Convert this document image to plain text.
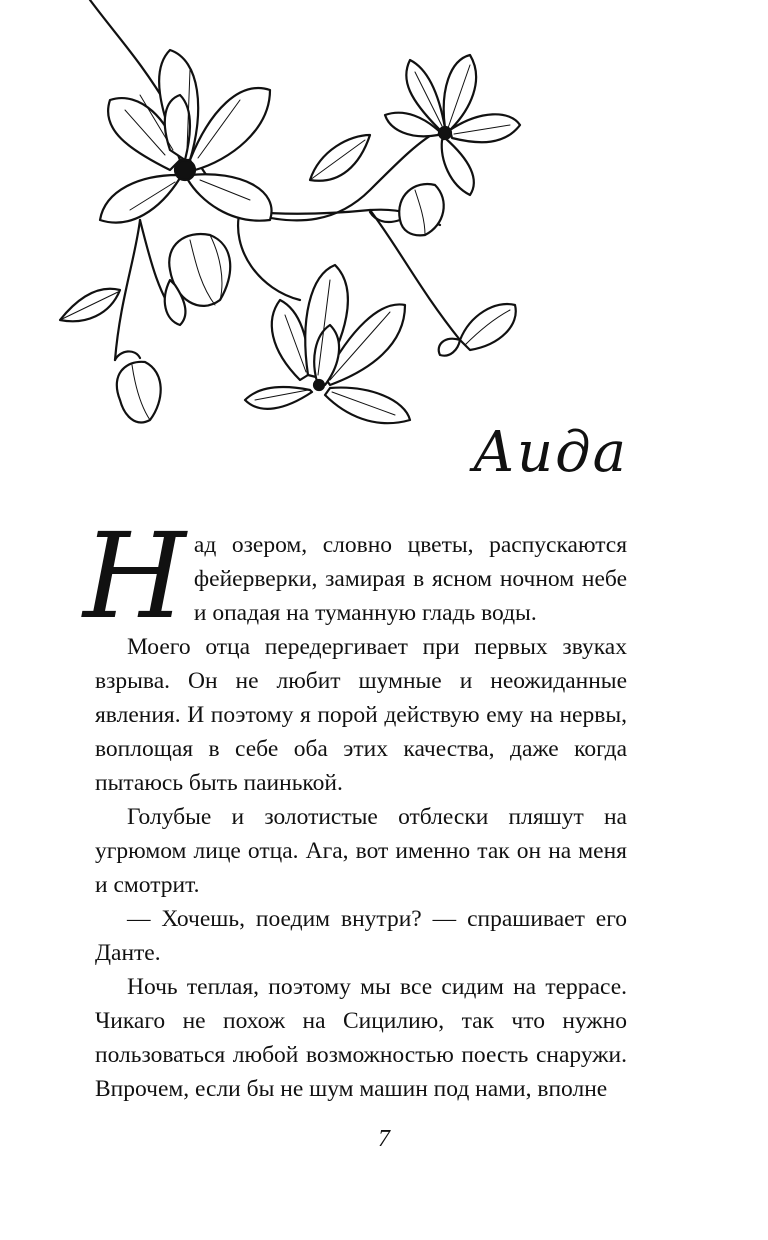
Аида

Над озером, словно цветы, распускаются фейерверки, замирая в ясном ночном небе и опадая на туманную гладь воды.

Моего отца передергивает при первых звуках взрыва. Он не любит шумные и неожиданные явления. И поэтому я порой действую ему на нервы, воплощая в себе оба этих качества, даже когда пытаюсь быть паинькой.

Голубые и золотистые отблески пляшут на угрюмом лице отца. Ага, вот именно так он на меня и смотрит.

— Хочешь, поедим внутри? — спрашивает его Данте.

Ночь теплая, поэтому мы все сидим на террасе. Чикаго не похож на Сицилию, так что нужно пользоваться любой возможностью поесть снаружи. Впрочем, если бы не шум машин под нами, вполне

7
